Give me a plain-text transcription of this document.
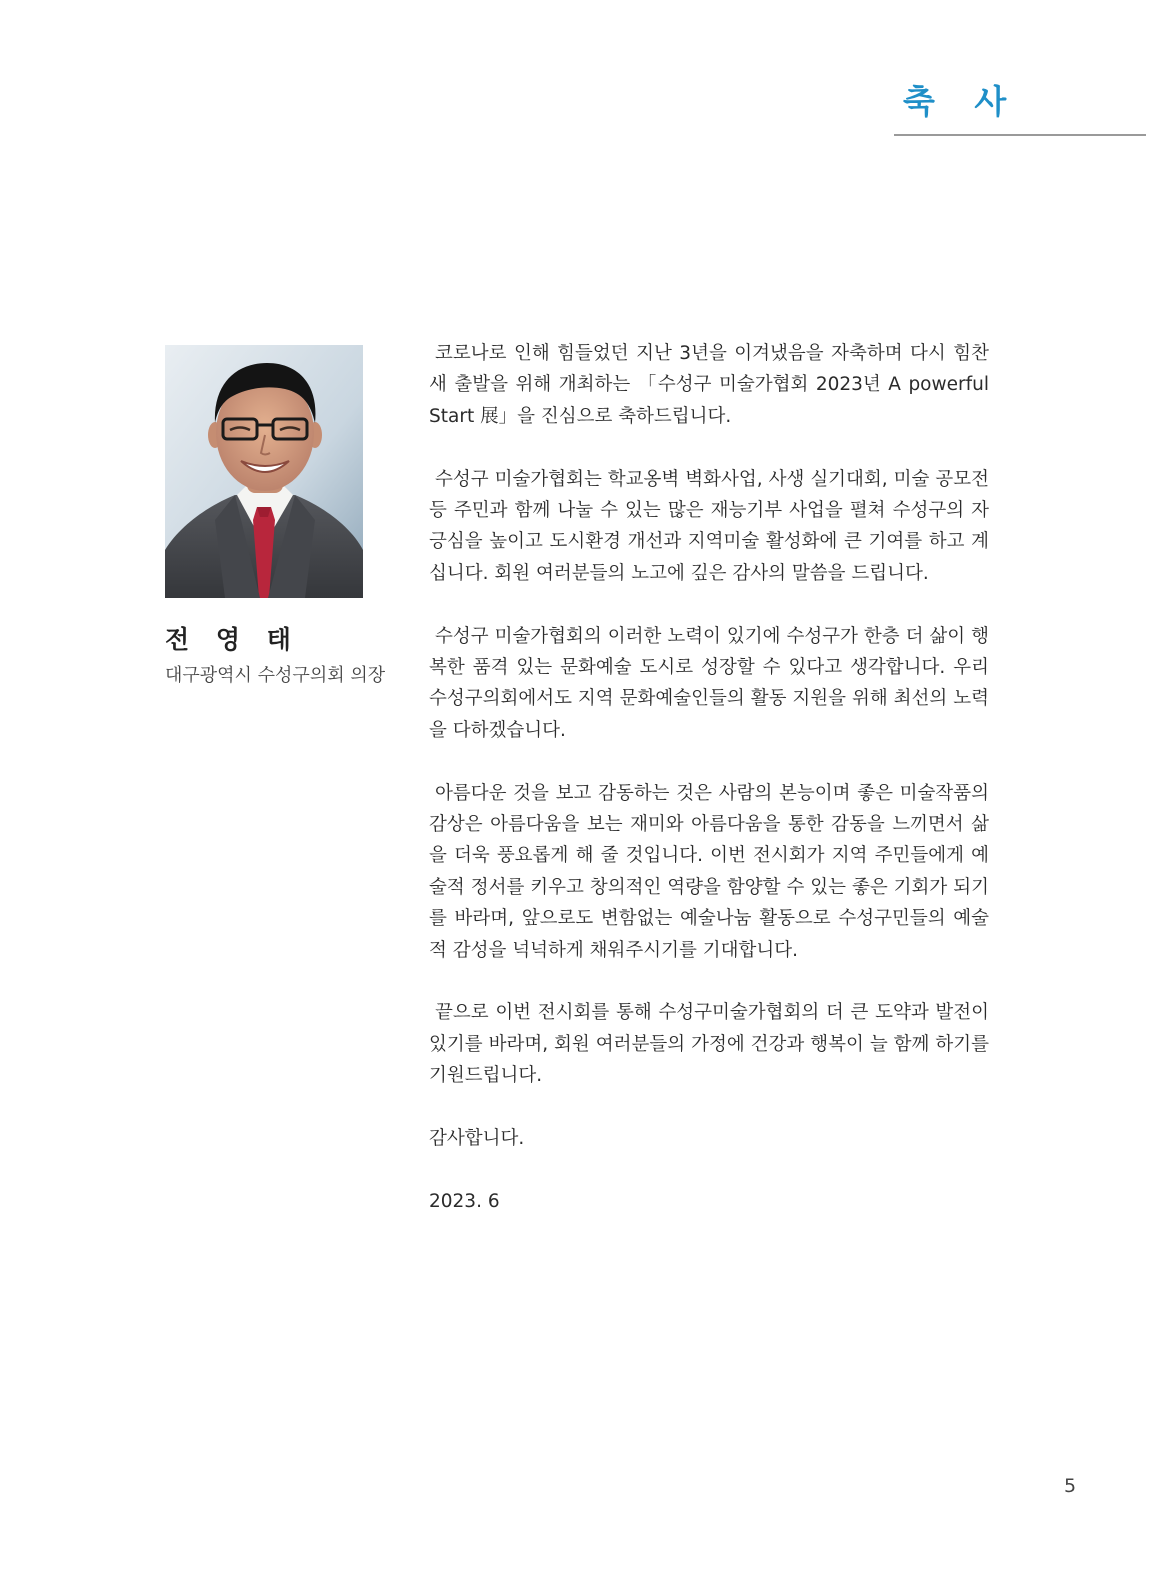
축 사
전 영 태
대구광역시 수성구의회 의장

코로나로 인해 힘들었던 지난 3년을 이겨냈음을 자축하며 다시 힘찬 새 출발을 위해 개최하는 「수성구 미술가협회 2023년 A powerful Start 展」을 진심으로 축하드립니다.

수성구 미술가협회는 학교옹벽 벽화사업, 사생 실기대회, 미술 공모전 등 주민과 함께 나눌 수 있는 많은 재능기부 사업을 펼쳐 수성구의 자긍심을 높이고 도시환경 개선과 지역미술 활성화에 큰 기여를 하고 계십니다. 회원 여러분들의 노고에 깊은 감사의 말씀을 드립니다.

수성구 미술가협회의 이러한 노력이 있기에 수성구가 한층 더 삶이 행복한 품격 있는 문화예술 도시로 성장할 수 있다고 생각합니다. 우리 수성구의회에서도 지역 문화예술인들의 활동 지원을 위해 최선의 노력을 다하겠습니다.

아름다운 것을 보고 감동하는 것은 사람의 본능이며 좋은 미술작품의 감상은 아름다움을 보는 재미와 아름다움을 통한 감동을 느끼면서 삶을 더욱 풍요롭게 해 줄 것입니다. 이번 전시회가 지역 주민들에게 예술적 정서를 키우고 창의적인 역량을 함양할 수 있는 좋은 기회가 되기를 바라며, 앞으로도 변함없는 예술나눔 활동으로 수성구민들의 예술적 감성을 넉넉하게 채워주시기를 기대합니다.

끝으로 이번 전시회를 통해 수성구미술가협회의 더 큰 도약과 발전이 있기를 바라며, 회원 여러분들의 가정에 건강과 행복이 늘 함께 하기를 기원드립니다.

감사합니다.

2023. 6

5
